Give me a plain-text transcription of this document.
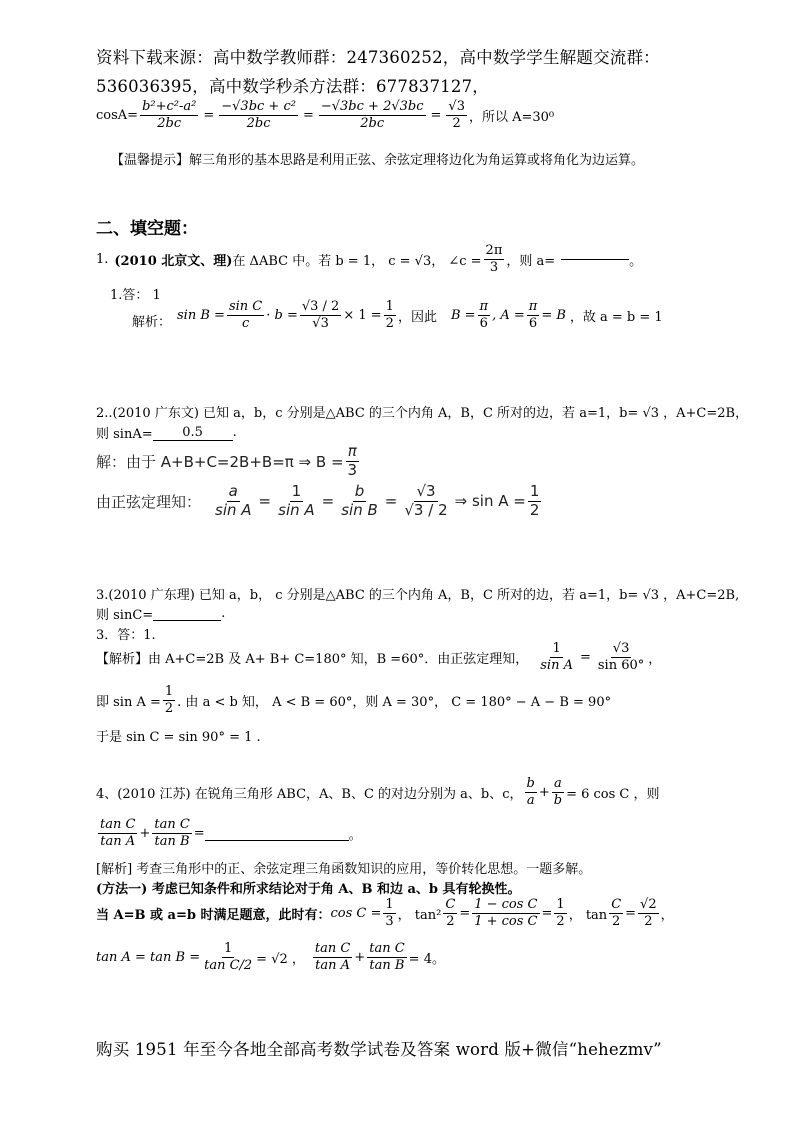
资料下载来源：高中数学教师群：247360252，高中数学学生解题交流群：
536036395，高中数学秒杀方法群：677837127，
$\cos A= \frac{\text{b²+c²-a²}}{2bc} = \frac{\text{−√3bc + c²}}{2bc} = \frac{-√3bc + 2√3bc}{2bc} = \frac{√3}{2}$ ，所以 A=30⁰
【温馨提示】解三角形的基本思路是利用正弦、余弦定理将边化为角运算或将角化为边运算。
二、填空题：
1. (2010 北京文、理) 在 ΔABC 中。若 b = 1， c = √3， ∠c = $\frac{2\pi}{3}$ ，则 a=	。
1.答： 1
解析：
$\sin B = \frac{\text{sin C}}{c} \cdot b = \frac{√3 / 2}{√3} \times 1 = \frac{1}{2}$ ，因此 $B = \frac{\pi}{6}$ , $A = \frac{\pi}{6} = B$ ，故 a = b = 1
2..(2010 广东文) 已知 a，b，c 分别是△ABC 的三个内角 A，B，C 所对的边，若 a=1，b= √3 ，A+C=2B，
则 sinA=	0.5	.
解：由于 A+B+C=2B+B=π ⇒ $B = \frac{\pi}{3}$
由正弦定理知： $\frac{a}{\text{sin A}} = \frac{1}{\text{sin A}} = \frac{b}{\text{sin B}} = \frac{√3}{√3 / 2}$ ⇒ $\sin A = \frac{1}{2}$
3.(2010 广东理) 已知 a，b， c 分别是△ABC 的三个内角 A，B，C 所对的边，若 a=1，b= √3 ，A+C=2B,
则 sinC=	.
3．答：1.
【解析】由 A+C=2B 及 A+ B+ C=180° 知，B =60°．由正弦定理知， $\frac{1}{\text{sin A}} = \frac{√3}{\sin 60^\circ}$ ，
即 $\sin A = \frac{1}{2}$ . 由 a < b 知， A < B = 60°，则 A = 30°， C = 180° − A − B = 90°
于是 sin C = sin 90° = 1 .
4、(2010 江苏) 在锐角三角形 ABC，A、B、C 的对边分别为 a、b、c， $\frac{b}{a} + \frac{a}{b} = 6$ cos C ，则
$\frac{\text{tan C}}{\text{tan A}} + \frac{\text{tan C}}{\text{tan B}}$ =	。
[解析] 考查三角形中的正、余弦定理三角函数知识的应用，等价转化思想。一题多解。
(方法一) 考虑已知条件和所求结论对于角 A、B 和边 a、b 具有轮换性。
当 A=B 或 a=b 时满足题意，此时有： $\cos C = \frac{1}{3}$ ， $\tan^2 \frac{C}{2} = \frac{\text{1 − cos C}}{\text{1 + cos C}} = \frac{1}{2}$ ， $\tan \frac{C}{2} = \frac{√2}{2}$ ，
$\tan A = \tan B = \frac{1}{\text{tan C/2}} = √2$ ， $\frac{\text{tan C}}{\text{tan A}} + \frac{\text{tan C}}{\text{tan B}} = 4$。
购买 1951 年至今各地全部高考数学试卷及答案 word 版+微信“hehezmv”
